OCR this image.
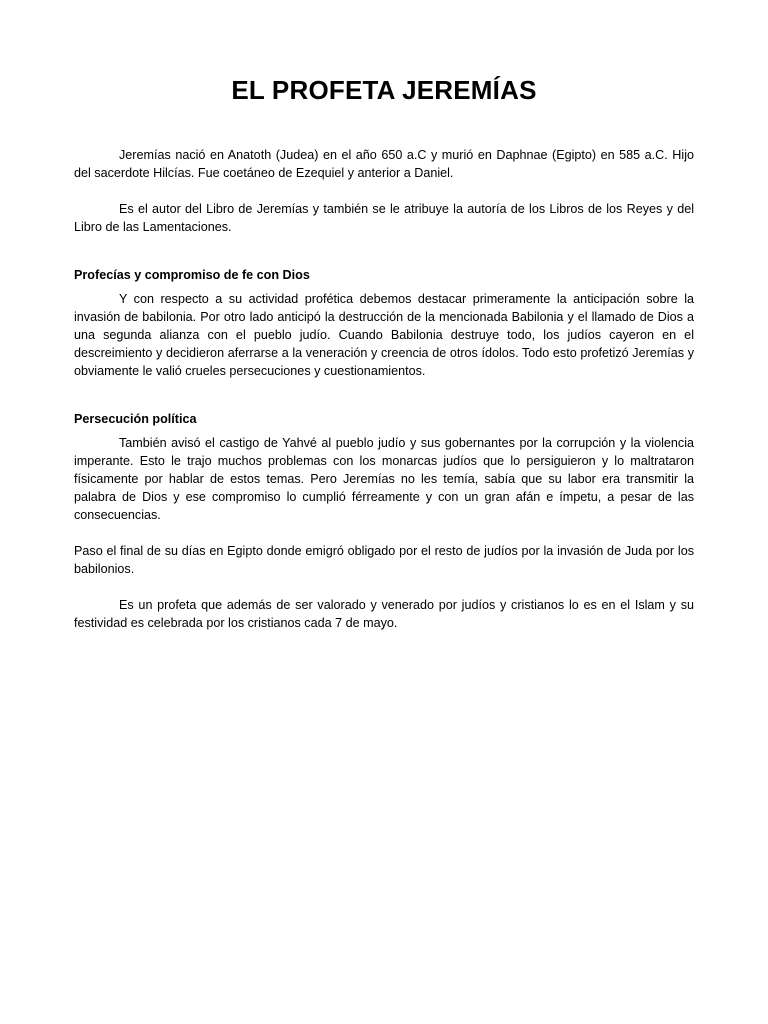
EL PROFETA JEREMÍAS

Jeremías nació en Anatoth (Judea) en el año 650 a.C y murió en Daphnae (Egipto) en 585 a.C. Hijo del sacerdote Hilcías. Fue coetáneo de Ezequiel y anterior a Daniel.

Es el autor del Libro de Jeremías y también se le atribuye la autoría de los Libros de los Reyes y del Libro de las Lamentaciones.

Profecías y compromiso de fe con Dios

Y con respecto a su actividad profética debemos destacar primeramente la anticipación sobre la invasión de babilonia. Por otro lado anticipó la destrucción de la mencionada Babilonia y el llamado de Dios a una segunda alianza con el pueblo judío. Cuando Babilonia destruye todo, los judíos cayeron en el descreimiento y decidieron aferrarse a la veneración y creencia de otros ídolos. Todo esto profetizó Jeremías y obviamente le valió crueles persecuciones y cuestionamientos.

Persecución política

También avisó el castigo de Yahvé al pueblo judío y sus gobernantes por la corrupción y la violencia imperante. Esto le trajo muchos problemas con los monarcas judíos que lo persiguieron y lo maltrataron físicamente por hablar de estos temas. Pero Jeremías no les temía, sabía que su labor era transmitir la palabra de Dios y ese compromiso lo cumplió férreamente y con un gran afán e ímpetu, a pesar de las consecuencias.

Paso el final de su días en Egipto donde emigró obligado por el resto de judíos por la invasión de Juda por los babilonios.

Es un profeta que además de ser valorado y venerado por judíos y cristianos lo es en el Islam y su festividad es celebrada por los cristianos cada 7 de mayo.
